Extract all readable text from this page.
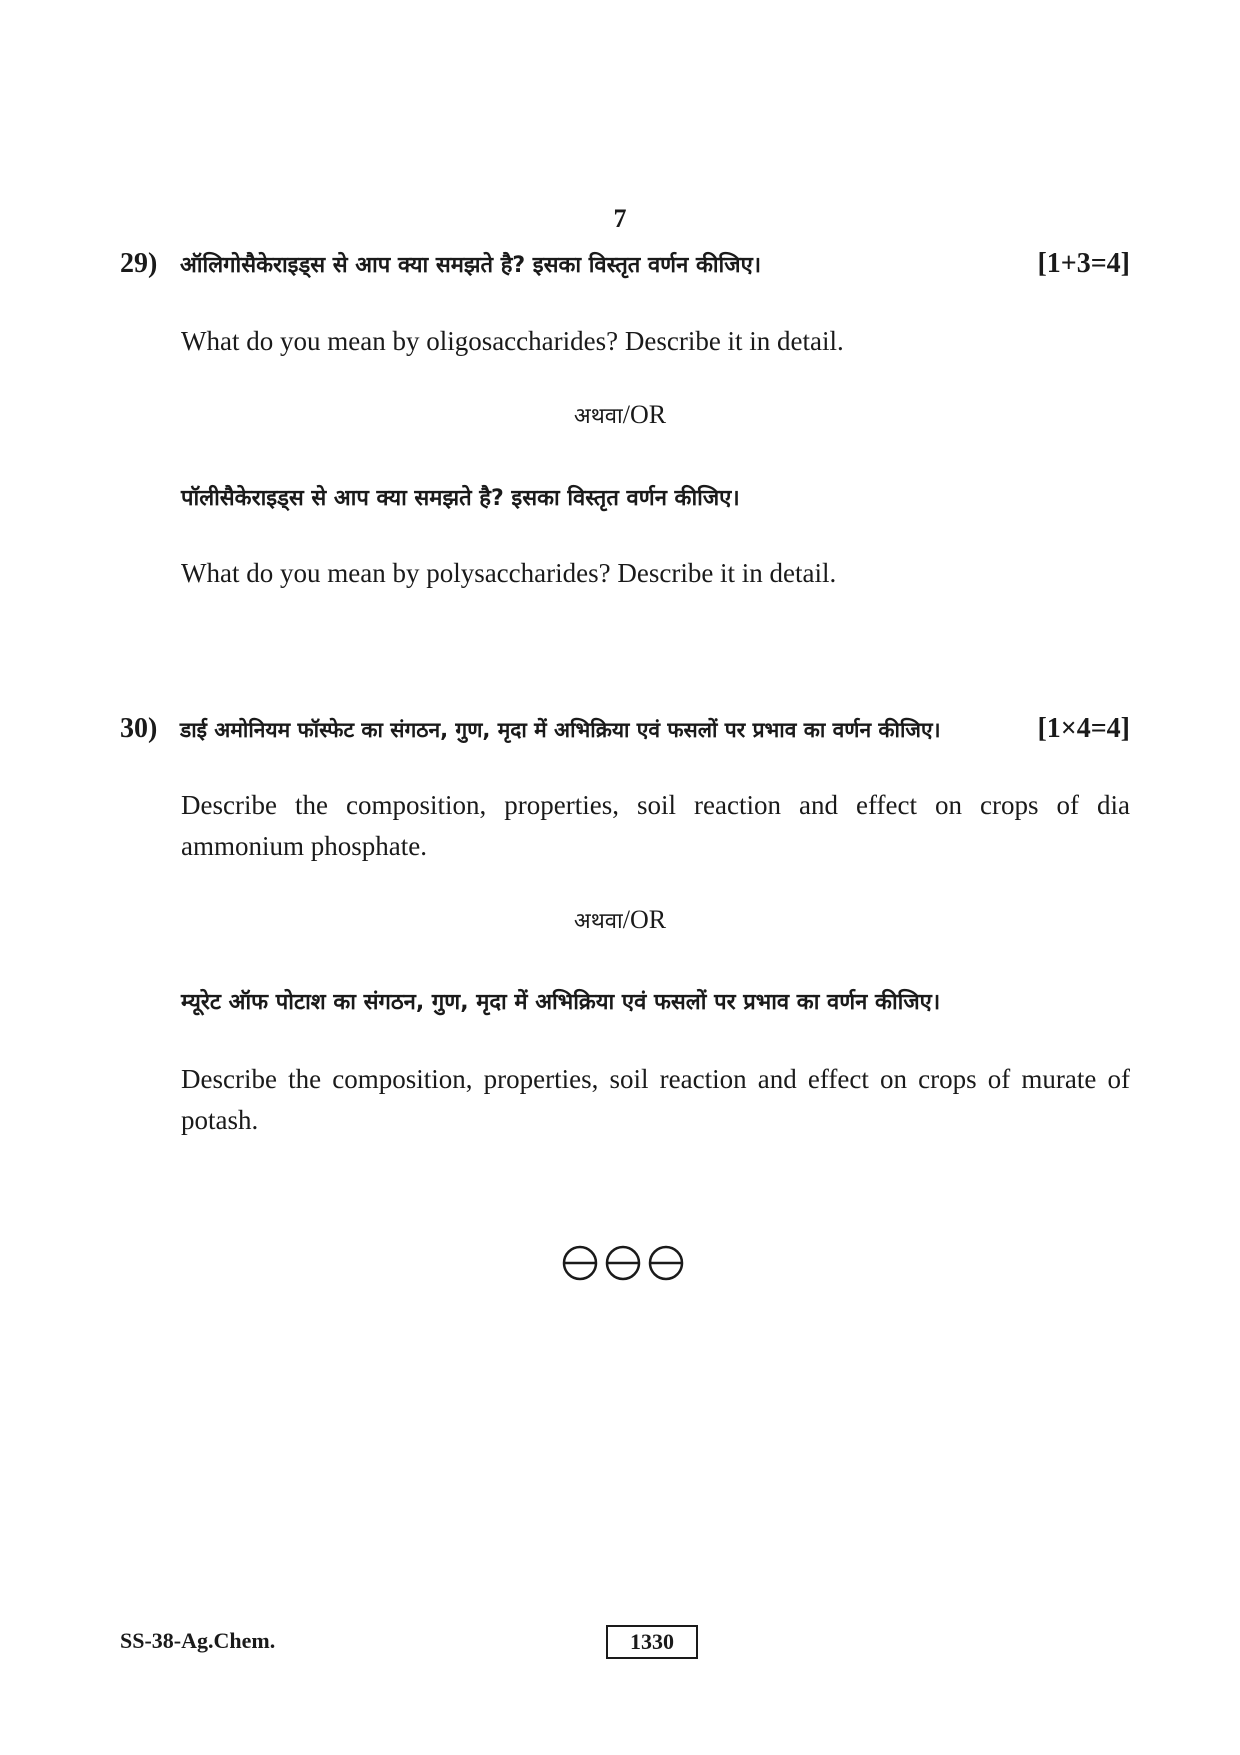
7
29)	ऑलिगोसैकेराइड्स से आप क्या समझते है? इसका विस्तृत वर्णन कीजिए।	[1+3=4]
What do you mean by oligosaccharides? Describe it in detail.
अथवा/OR
पॉलीसैकेराइड्स से आप क्या समझते है? इसका विस्तृत वर्णन कीजिए।
What do you mean by polysaccharides? Describe it in detail.
30)	डाई अमोनियम फॉस्फेट का संगठन, गुण, मृदा में अभिक्रिया एवं फसलों पर प्रभाव का वर्णन कीजिए।	[1×4=4]
Describe the composition, properties, soil reaction and effect on crops of dia ammonium phosphate.
अथवा/OR
म्यूरेट ऑफ पोटाश का संगठन, गुण, मृदा में अभिक्रिया एवं फसलों पर प्रभाव का वर्णन कीजिए।
Describe the composition, properties, soil reaction and effect on crops of murate of potash.
SS-38-Ag.Chem.	1330
